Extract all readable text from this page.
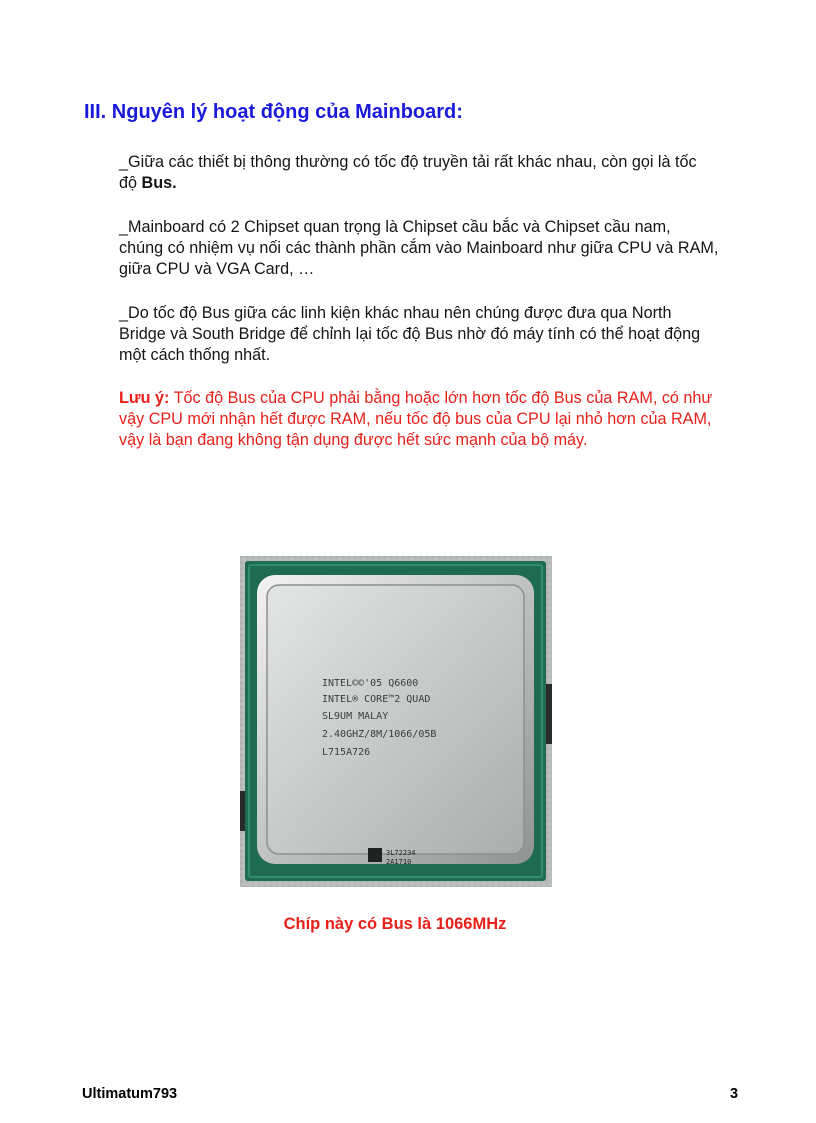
III. Nguyên lý hoạt động của Mainboard:

_Giữa các thiết bị thông thường có tốc độ truyền tải rất khác nhau, còn gọi là tốc độ Bus.

_Mainboard có 2 Chipset quan trọng là Chipset cầu bắc và Chipset cầu nam, chúng có nhiệm vụ nối các thành phần cắm vào Mainboard như giữa CPU và RAM, giữa CPU và VGA Card, …

_Do tốc độ Bus giữa các linh kiện khác nhau nên chúng được đưa qua North Bridge và South Bridge để chỉnh lại tốc độ Bus nhờ đó máy tính có thể hoạt động một cách thống nhất.

Lưu ý: Tốc độ Bus của CPU phải bằng hoặc lớn hơn tốc độ Bus của RAM, có như vậy CPU mới nhận hết được RAM, nếu tốc độ bus của CPU lại nhỏ hơn của RAM, vậy là bạn đang không tận dụng được hết sức mạnh của bộ máy.

INTEL©©'05 Q6600
INTEL® CORE™2 QUAD
SL9UM MALAY
2.40GHZ/8M/1066/05B
L715A726
3L72234
2A1710

Chíp này có Bus là 1066MHz

Ultimatum793	3
